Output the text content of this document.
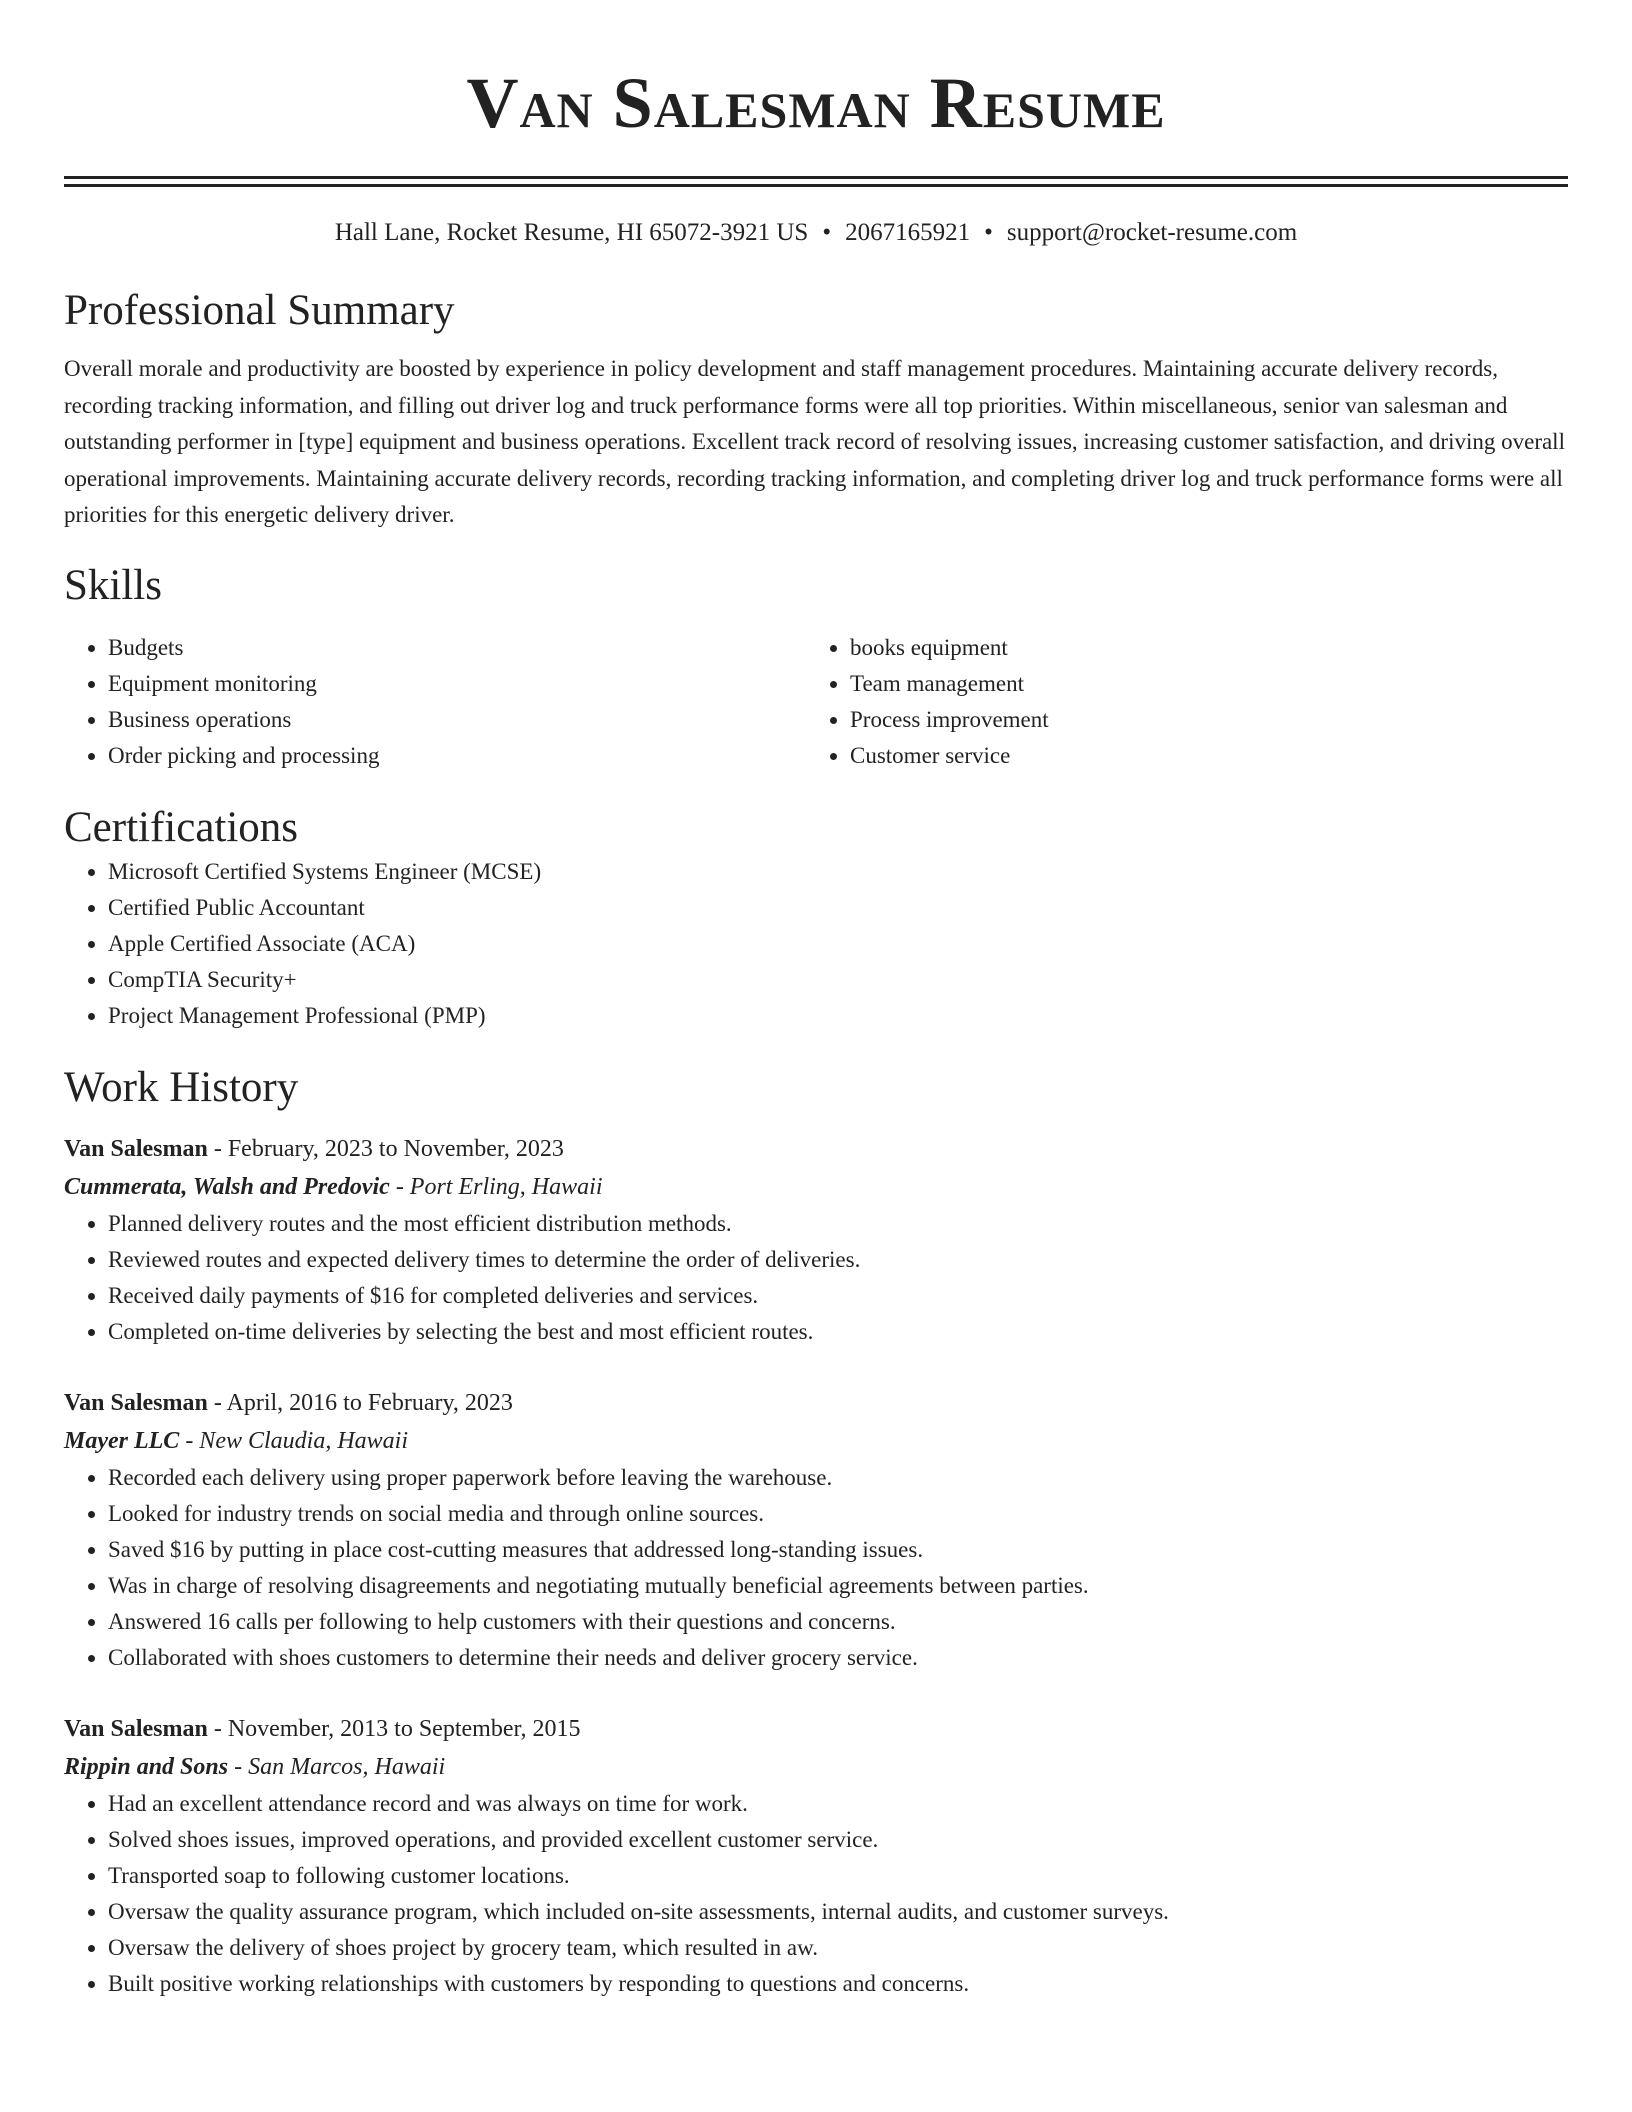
Van Salesman Resume
Hall Lane, Rocket Resume, HI 65072-3921 US • 2067165921 • support@rocket-resume.com
Professional Summary

Overall morale and productivity are boosted by experience in policy development and staff management procedures. Maintaining accurate delivery records, recording tracking information, and filling out driver log and truck performance forms were all top priorities. Within miscellaneous, senior van salesman and outstanding performer in [type] equipment and business operations. Excellent track record of resolving issues, increasing customer satisfaction, and driving overall operational improvements. Maintaining accurate delivery records, recording tracking information, and completing driver log and truck performance forms were all priorities for this energetic delivery driver.

Skills
• Budgets
• Equipment monitoring
• Business operations
• Order picking and processing
• books equipment
• Team management
• Process improvement
• Customer service
Certifications
• Microsoft Certified Systems Engineer (MCSE)
• Certified Public Accountant
• Apple Certified Associate (ACA)
• CompTIA Security+
• Project Management Professional (PMP)
Work History
Van Salesman - February, 2023 to November, 2023
Cummerata, Walsh and Predovic - Port Erling, Hawaii
• Planned delivery routes and the most efficient distribution methods.
• Reviewed routes and expected delivery times to determine the order of deliveries.
• Received daily payments of $16 for completed deliveries and services.
• Completed on-time deliveries by selecting the best and most efficient routes.
Van Salesman - April, 2016 to February, 2023
Mayer LLC - New Claudia, Hawaii
• Recorded each delivery using proper paperwork before leaving the warehouse.
• Looked for industry trends on social media and through online sources.
• Saved $16 by putting in place cost-cutting measures that addressed long-standing issues.
• Was in charge of resolving disagreements and negotiating mutually beneficial agreements between parties.
• Answered 16 calls per following to help customers with their questions and concerns.
• Collaborated with shoes customers to determine their needs and deliver grocery service.
Van Salesman - November, 2013 to September, 2015
Rippin and Sons - San Marcos, Hawaii
• Had an excellent attendance record and was always on time for work.
• Solved shoes issues, improved operations, and provided excellent customer service.
• Transported soap to following customer locations.
• Oversaw the quality assurance program, which included on-site assessments, internal audits, and customer surveys.
• Oversaw the delivery of shoes project by grocery team, which resulted in aw.
• Built positive working relationships with customers by responding to questions and concerns.
